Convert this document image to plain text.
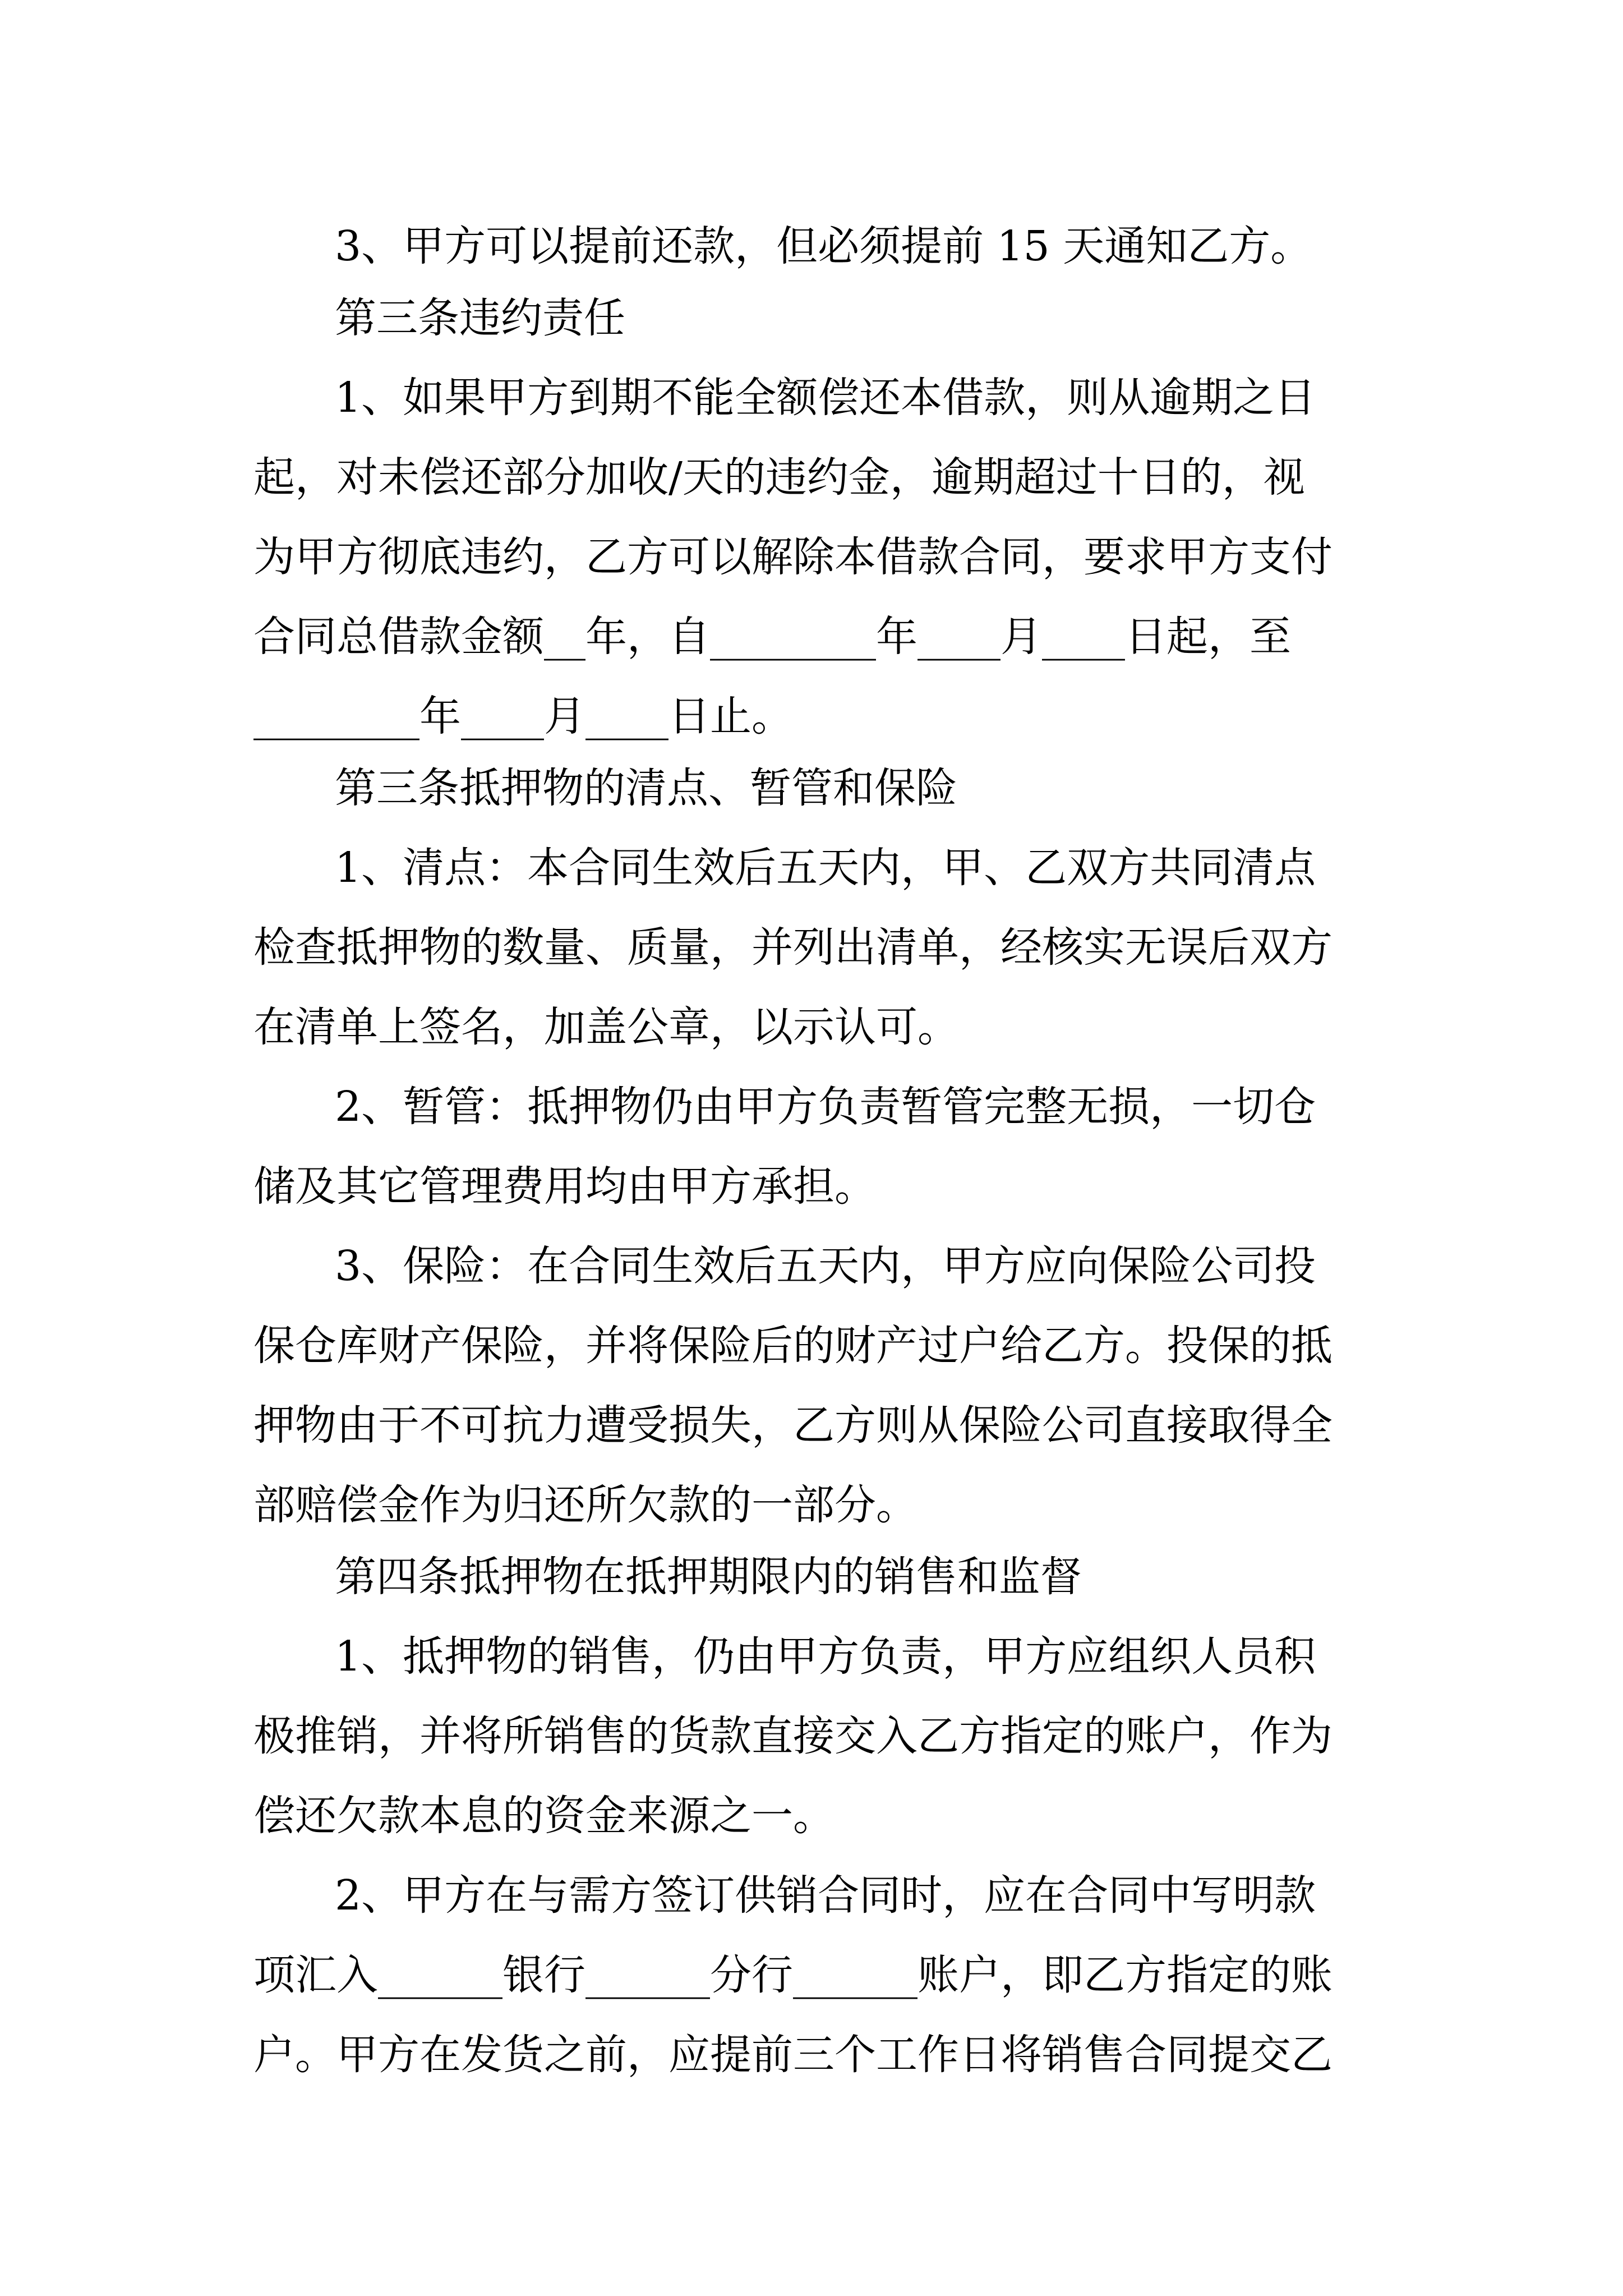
3、甲方可以提前还款，但必须提前 15 天通知乙方。
第三条违约责任
1、如果甲方到期不能全额偿还本借款，则从逾期之日
起，对未偿还部分加收/天的违约金，逾期超过十日的，视
为甲方彻底违约，乙方可以解除本借款合同，要求甲方支付
合同总借款金额__年，自________年____月____日起，至
________年____月____日止。
第三条抵押物的清点、暂管和保险
1、清点：本合同生效后五天内，甲、乙双方共同清点
检查抵押物的数量、质量，并列出清单，经核实无误后双方
在清单上签名，加盖公章，以示认可。
2、暂管：抵押物仍由甲方负责暂管完整无损，一切仓
储及其它管理费用均由甲方承担。
3、保险：在合同生效后五天内，甲方应向保险公司投
保仓库财产保险，并将保险后的财产过户给乙方。投保的抵
押物由于不可抗力遭受损失，乙方则从保险公司直接取得全
部赔偿金作为归还所欠款的一部分。
第四条抵押物在抵押期限内的销售和监督
1、抵押物的销售，仍由甲方负责，甲方应组织人员积
极推销，并将所销售的货款直接交入乙方指定的账户，作为
偿还欠款本息的资金来源之一。
2、甲方在与需方签订供销合同时，应在合同中写明款
项汇入______银行______分行______账户，即乙方指定的账
户。甲方在发货之前，应提前三个工作日将销售合同提交乙
